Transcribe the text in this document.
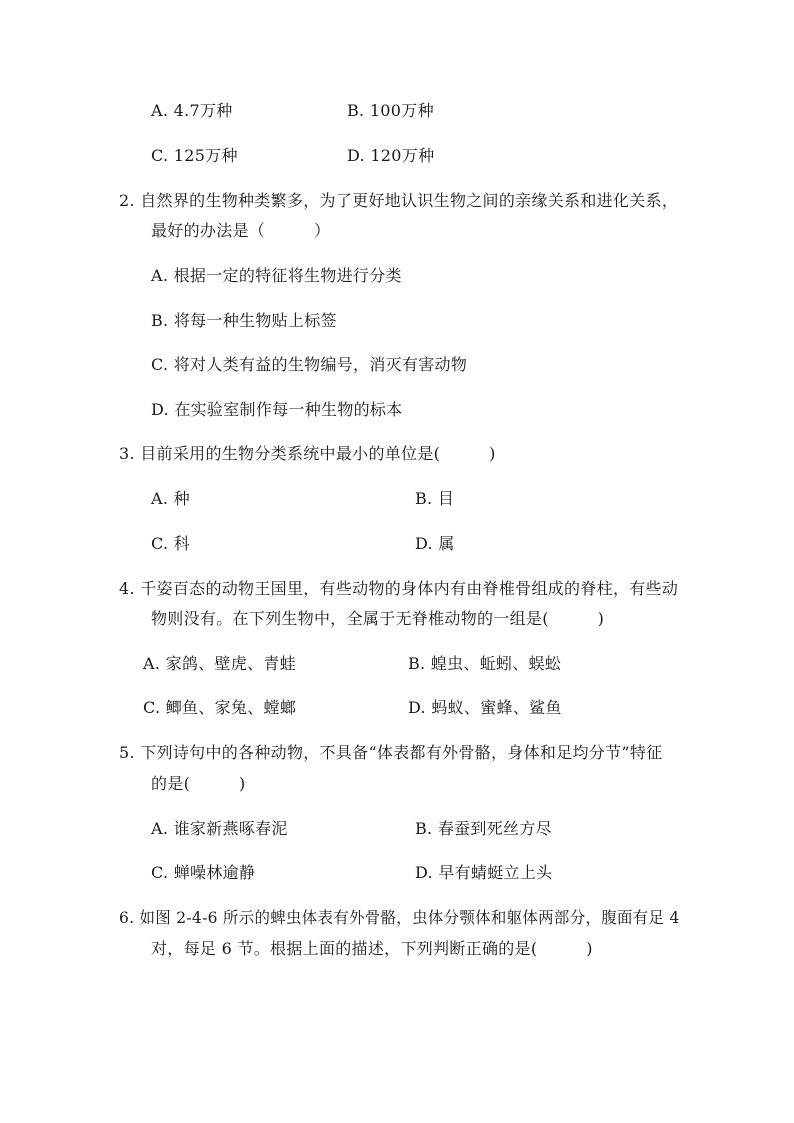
A. 4.7万种	B. 100万种
C. 125万种	D. 120万种
2. 自然界的生物种类繁多，为了更好地认识生物之间的亲缘关系和进化关系，
最好的办法是（　　　）
A. 根据一定的特征将生物进行分类
B. 将每一种生物贴上标签
C. 将对人类有益的生物编号，消灭有害动物
D. 在实验室制作每一种生物的标本
3. 目前采用的生物分类系统中最小的单位是(　　　)
A. 种	B. 目
C. 科	D. 属
4. 千姿百态的动物王国里，有些动物的身体内有由脊椎骨组成的脊柱，有些动
物则没有。在下列生物中，全属于无脊椎动物的一组是(　　　)
A. 家鸽、壁虎、青蛙	B. 蝗虫、蚯蚓、蜈蚣
C. 鲫鱼、家兔、螳螂	D. 蚂蚁、蜜蜂、鲨鱼
5. 下列诗句中的各种动物，不具备“体表都有外骨骼，身体和足均分节”特征
的是(　　　)
A. 谁家新燕啄春泥	B. 春蚕到死丝方尽
C. 蝉噪林逾静	D. 早有蜻蜓立上头
6. 如图 2-4-6 所示的蜱虫体表有外骨骼，虫体分颚体和躯体两部分，腹面有足 4
对，每足 6 节。根据上面的描述，下列判断正确的是(　　　)
